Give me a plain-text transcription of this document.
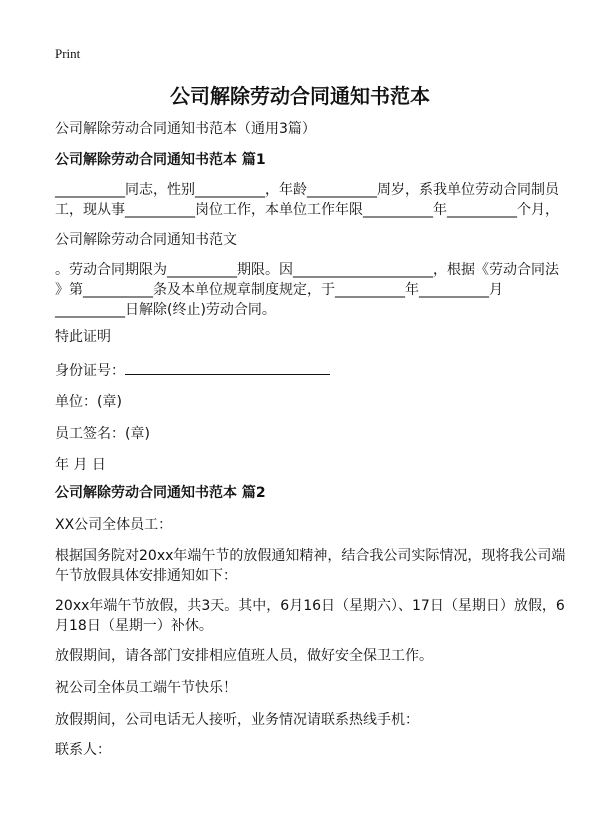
Print
公司解除劳动合同通知书范本
公司解除劳动合同通知书范本（通用3篇）
公司解除劳动合同通知书范本 篇1
__________同志，性别__________，年龄__________周岁，系我单位劳动合同制员
工，现从事__________岗位工作，本单位工作年限__________年__________个月，
公司解除劳动合同通知书范文
。劳动合同期限为__________期限。因____________________，根据《劳动合同法
》第__________条及本单位规章制度规定，于__________年__________月
__________日解除(终止)劳动合同。
特此证明
身份证号：
单位：(章)
员工签名：(章)
年 月 日
公司解除劳动合同通知书范本 篇2
XX公司全体员工：
根据国务院对20xx年端午节的放假通知精神，结合我公司实际情况，现将我公司端
午节放假具体安排通知如下：
20xx年端午节放假，共3天。其中，6月16日（星期六）、17日（星期日）放假，6
月18日（星期一）补休。
放假期间，请各部门安排相应值班人员，做好安全保卫工作。
祝公司全体员工端午节快乐！
放假期间，公司电话无人接听，业务情况请联系热线手机：
联系人：
